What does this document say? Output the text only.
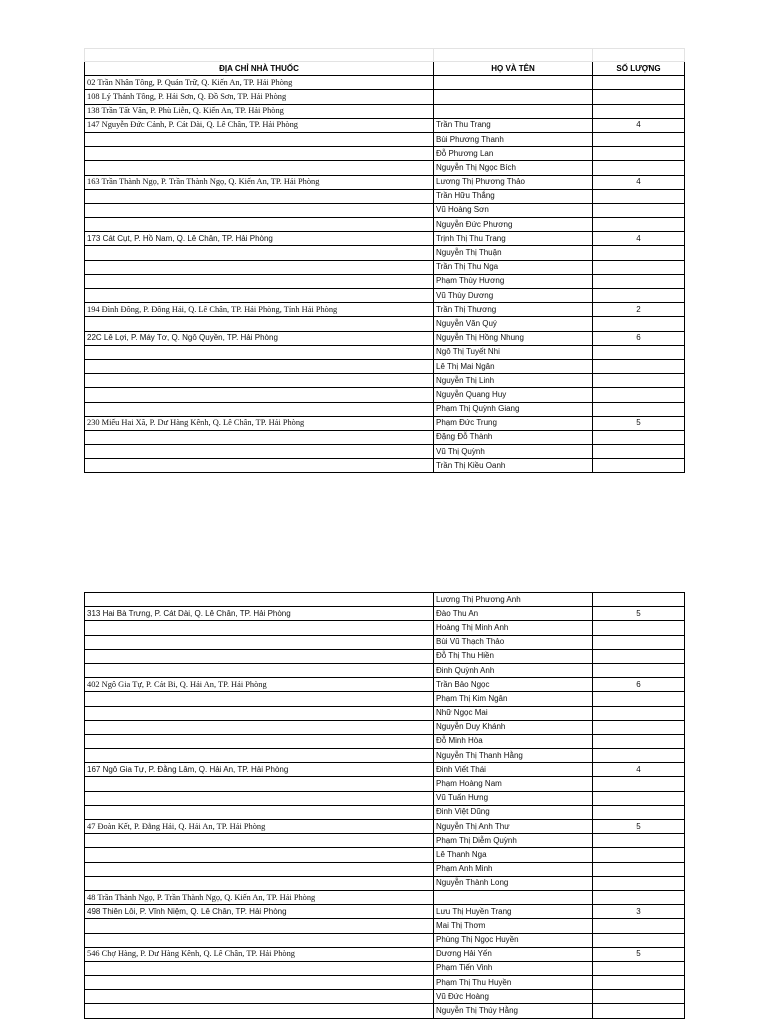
ĐỊA CHỈ NHÀ THUỐC	HỌ VÀ TÊN	SỐ LƯỢNG
02 Trần Nhân Tông, P. Quán Trữ, Q. Kiến An, TP. Hải Phòng		
108 Lý Thánh Tông, P. Hải Sơn, Q. Đồ Sơn, TP. Hải Phòng		
138 Trần Tất Văn, P. Phù Liễn, Q. Kiến An, TP. Hải Phòng		
147 Nguyễn Đức Cảnh, P. Cát Dài, Q. Lê Chân, TP. Hải Phòng	Trần Thu Trang	4
	Bùi Phương Thanh	
	Đỗ Phương Lan	
	Nguyễn Thị Ngọc Bích	
163 Trần Thành Ngọ, P. Trần Thành Ngọ, Q. Kiến An, TP. Hải Phòng	Lương Thị Phương Thảo	4
	Trần Hữu Thắng	
	Vũ Hoàng Sơn	
	Nguyễn Đức Phương	
173 Cát Cụt, P. Hồ Nam, Q. Lê Chân, TP. Hải Phòng	Trịnh Thị Thu Trang	4
	Nguyễn Thị Thuận	
	Trần Thị Thu Nga	
	Phạm Thùy Hương	
	Vũ Thùy Dương	
194 Đình Đông, P. Đông Hải, Q. Lê Chân, TP. Hải Phòng, Tỉnh Hải Phòng	Trần Thị Thương	2
	Nguyễn Văn Quý	
22C Lê Lợi, P. Máy Tơ, Q. Ngô Quyền, TP. Hải Phòng	Nguyễn Thị Hồng Nhung	6
	Ngô Thị Tuyết Nhi	
	Lê Thị Mai Ngân	
	Nguyễn Thị Linh	
	Nguyễn Quang Huy	
	Phạm Thị Quỳnh Giang	
230 Miếu Hai Xã, P. Dư Hàng Kênh, Q. Lê Chân, TP. Hải Phòng	Phạm Đức Trung	5
	Đặng Đỗ Thành	
	Vũ Thị Quỳnh	
	Trần Thị Kiều Oanh	
	Lương Thị Phương Anh	
313 Hai Bà Trưng, P. Cát Dài, Q. Lê Chân, TP. Hải Phòng	Đào Thu An	5
	Hoàng Thị Minh Anh	
	Bùi Vũ Thạch Thảo	
	Đỗ Thị Thu Hiền	
	Đinh Quỳnh Anh	
402 Ngô Gia Tự, P. Cát Bi, Q. Hải An, TP. Hải Phòng	Trần Bảo Ngọc	6
	Phạm Thị Kim Ngân	
	Nhữ Ngọc Mai	
	Nguyễn Duy Khánh	
	Đỗ Minh Hòa	
	Nguyễn Thị Thanh Hằng	
167 Ngô Gia Tự, P. Đằng Lâm, Q. Hải An, TP. Hải Phòng	Đinh Viết Thái	4
	Phạm Hoàng Nam	
	Vũ Tuấn Hưng	
	Đinh Việt Dũng	
47 Đoàn Kết, P. Đằng Hải, Q. Hải An, TP. Hải Phòng	Nguyễn Thị Anh Thư	5
	Phạm Thị Diễm Quỳnh	
	Lê Thanh Nga	
	Phạm Anh Minh	
	Nguyễn Thành Long	
48 Trần Thành Ngọ, P. Trần Thành Ngọ, Q. Kiến An, TP. Hải Phòng		
498 Thiên Lôi, P. Vĩnh Niệm, Q. Lê Chân, TP. Hải Phòng	Lưu Thị Huyền Trang	3
	Mai Thị Thơm	
	Phùng Thị Ngọc Huyền	
546 Chợ Hàng, P. Dư Hàng Kênh, Q. Lê Chân, TP. Hải Phòng	Dương Hải Yến	5
	Phạm Tiến Vinh	
	Phạm Thị Thu Huyền	
	Vũ Đức Hoàng	
	Nguyễn Thị Thúy Hằng	
